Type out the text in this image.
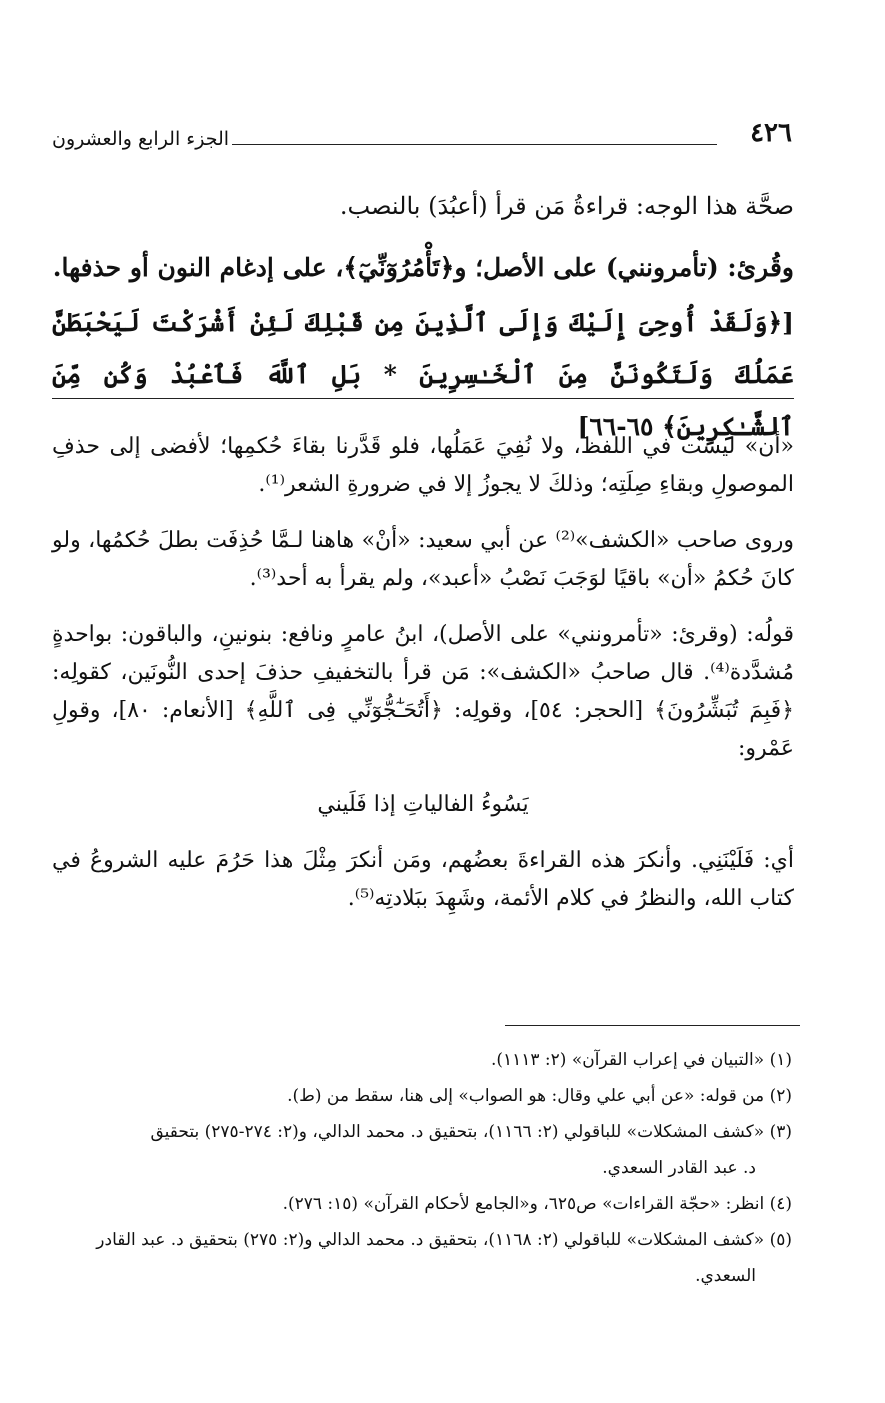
٤٢٦
الجزء الرابع والعشرون

صحَّة هذا الوجه: قراءةُ مَن قرأ (أعبُدَ) بالنصب.

وقُرئ: (تأمرونني) على الأصل؛ و﴿تَأْمُرُوٓنِّيٓ﴾، على إدغام النون أو حذفها.

[﴿وَلَقَدْ أُوحِىَ إِلَيْكَ وَإِلَى ٱلَّذِينَ مِن قَبْلِكَ لَئِنْ أَشْرَكْتَ لَيَحْبَطَنَّ عَمَلُكَ وَلَتَكُونَنَّ مِنَ ٱلْخَـٰسِرِينَ * بَلِ ٱللَّهَ فَٱعْبُدْ وَكُن مِّنَ ٱلشَّـٰكِرِينَ﴾ ٦٥-٦٦]

«أن» ليست في اللفظ، ولا نُفِيَ عَمَلُها، فلو قَدَّرنا بقاءَ حُكمِها؛ لأفضى إلى حذفِ الموصولِ وبقاءِ صِلَتِه؛ وذلكَ لا يجوزُ إلا في ضرورةِ الشعر⁽¹⁾.

وروى صاحب «الكشف»⁽²⁾ عن أبي سعيد: «أنْ» هاهنا لـمَّا حُذِفَت بطلَ حُكمُها، ولو كانَ حُكمُ «أن» باقيًا لوَجَبَ نَصْبُ «أعبد»، ولم يقرأ به أحد⁽³⁾.

قولُه: (وقرئ: «تأمرونني» على الأصل)، ابنُ عامرٍ ونافع: بنونينِ، والباقون: بواحدةٍ مُشدَّدة⁽⁴⁾. قال صاحبُ «الكشف»: مَن قرأ بالتخفيفِ حذفَ إحدى النُّونَين، كقولِه: ﴿فَبِمَ تُبَشِّرُونَ﴾ [الحجر: ٥٤]، وقولِه: ﴿أَتُحَـٰٓجُّوٓنِّي فِى ٱللَّهِ﴾ [الأنعام: ٨٠]، وقولِ عَمْرو:

يَسُوءُ الفالياتِ إذا فَلَيني

أي: فَلَيْنَنِي. وأنكرَ هذه القراءةَ بعضُهم، ومَن أنكرَ مِثْلَ هذا حَرُمَ عليه الشروعُ في كتاب الله، والنظرُ في كلام الأئمة، وشَهِدَ ببَلادتِه⁽⁵⁾.

(١) «التبيان في إعراب القرآن» (٢: ١١١٣).

(٢) من قوله: «عن أبي علي وقال: هو الصواب» إلى هنا، سقط من (ط).

(٣) «كشف المشكلات» للباقولي (٢: ١١٦٦)، بتحقيق د. محمد الدالي، و(٢: ٢٧٤-٢٧٥) بتحقيق

د. عبد القادر السعدي.

(٤) انظر: «حجّة القراءات» ص٦٢٥، و«الجامع لأحكام القرآن» (١٥: ٢٧٦).

(٥) «كشف المشكلات» للباقولي (٢: ١١٦٨)، بتحقيق د. محمد الدالي و(٢: ٢٧٥) بتحقيق د. عبد القادر

السعدي.
